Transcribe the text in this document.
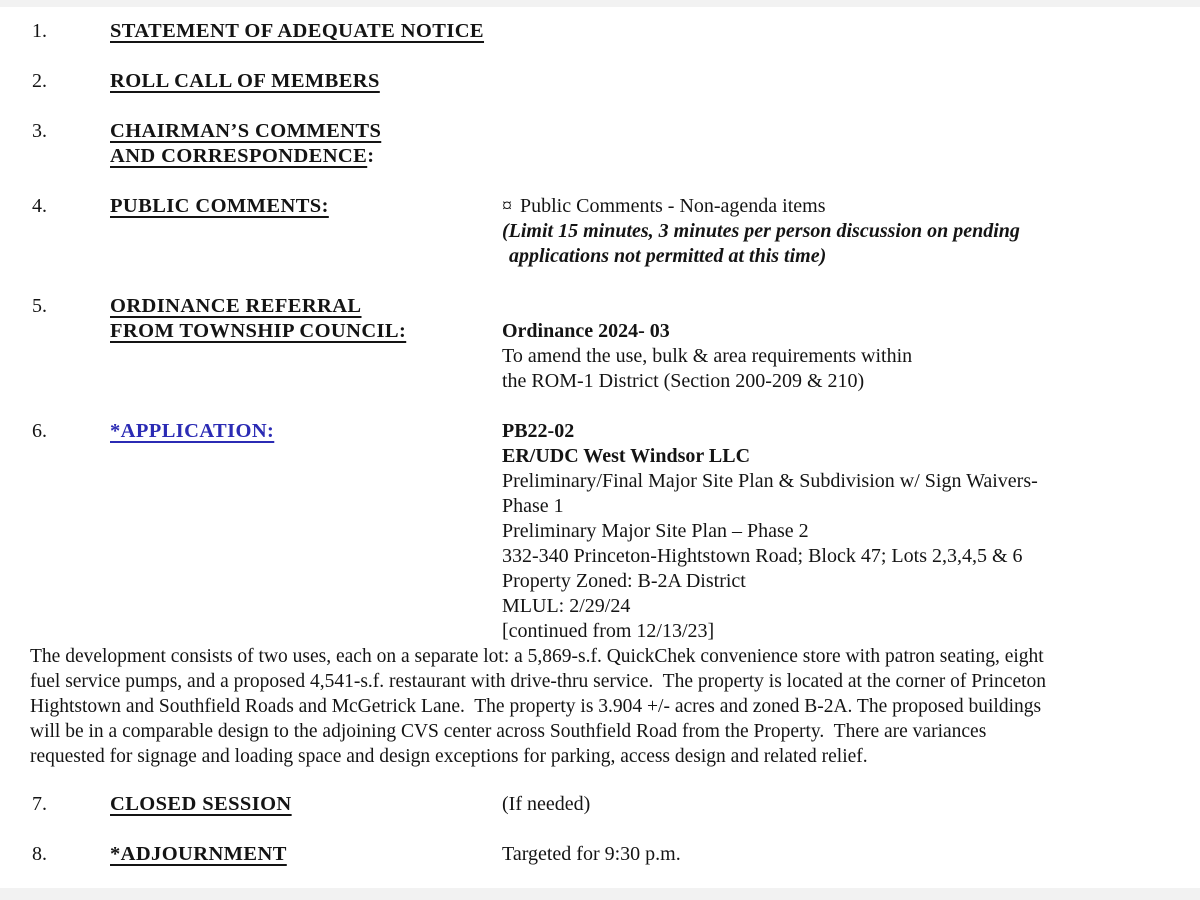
1.	STATEMENT OF ADEQUATE NOTICE
2.	ROLL CALL OF MEMBERS
3.	CHAIRMAN’S COMMENTS
AND CORRESPONDENCE:
4.	PUBLIC COMMENTS:	¤ Public Comments - Non-agenda items
(Limit 15 minutes, 3 minutes per person discussion on pending
applications not permitted at this time)
5.	ORDINANCE REFERRAL
FROM TOWNSHIP COUNCIL:	Ordinance 2024- 03
To amend the use, bulk & area requirements within
the ROM-1 District (Section 200-209 & 210)
6.	*APPLICATION:	PB22-02
ER/UDC West Windsor LLC
Preliminary/Final Major Site Plan & Subdivision w/ Sign Waivers-
Phase 1
Preliminary Major Site Plan – Phase 2
332-340 Princeton-Hightstown Road; Block 47; Lots 2,3,4,5 & 6
Property Zoned: B-2A District
MLUL: 2/29/24
[continued from 12/13/23]
The development consists of two uses, each on a separate lot: a 5,869-s.f. QuickChek convenience store with patron seating, eight
fuel service pumps, and a proposed 4,541-s.f. restaurant with drive-thru service.  The property is located at the corner of Princeton
Hightstown and Southfield Roads and McGetrick Lane.  The property is 3.904 +/- acres and zoned B-2A. The proposed buildings
will be in a comparable design to the adjoining CVS center across Southfield Road from the Property.  There are variances
requested for signage and loading space and design exceptions for parking, access design and related relief.
7.	CLOSED SESSION	(If needed)
8.	*ADJOURNMENT	Targeted for 9:30 p.m.
